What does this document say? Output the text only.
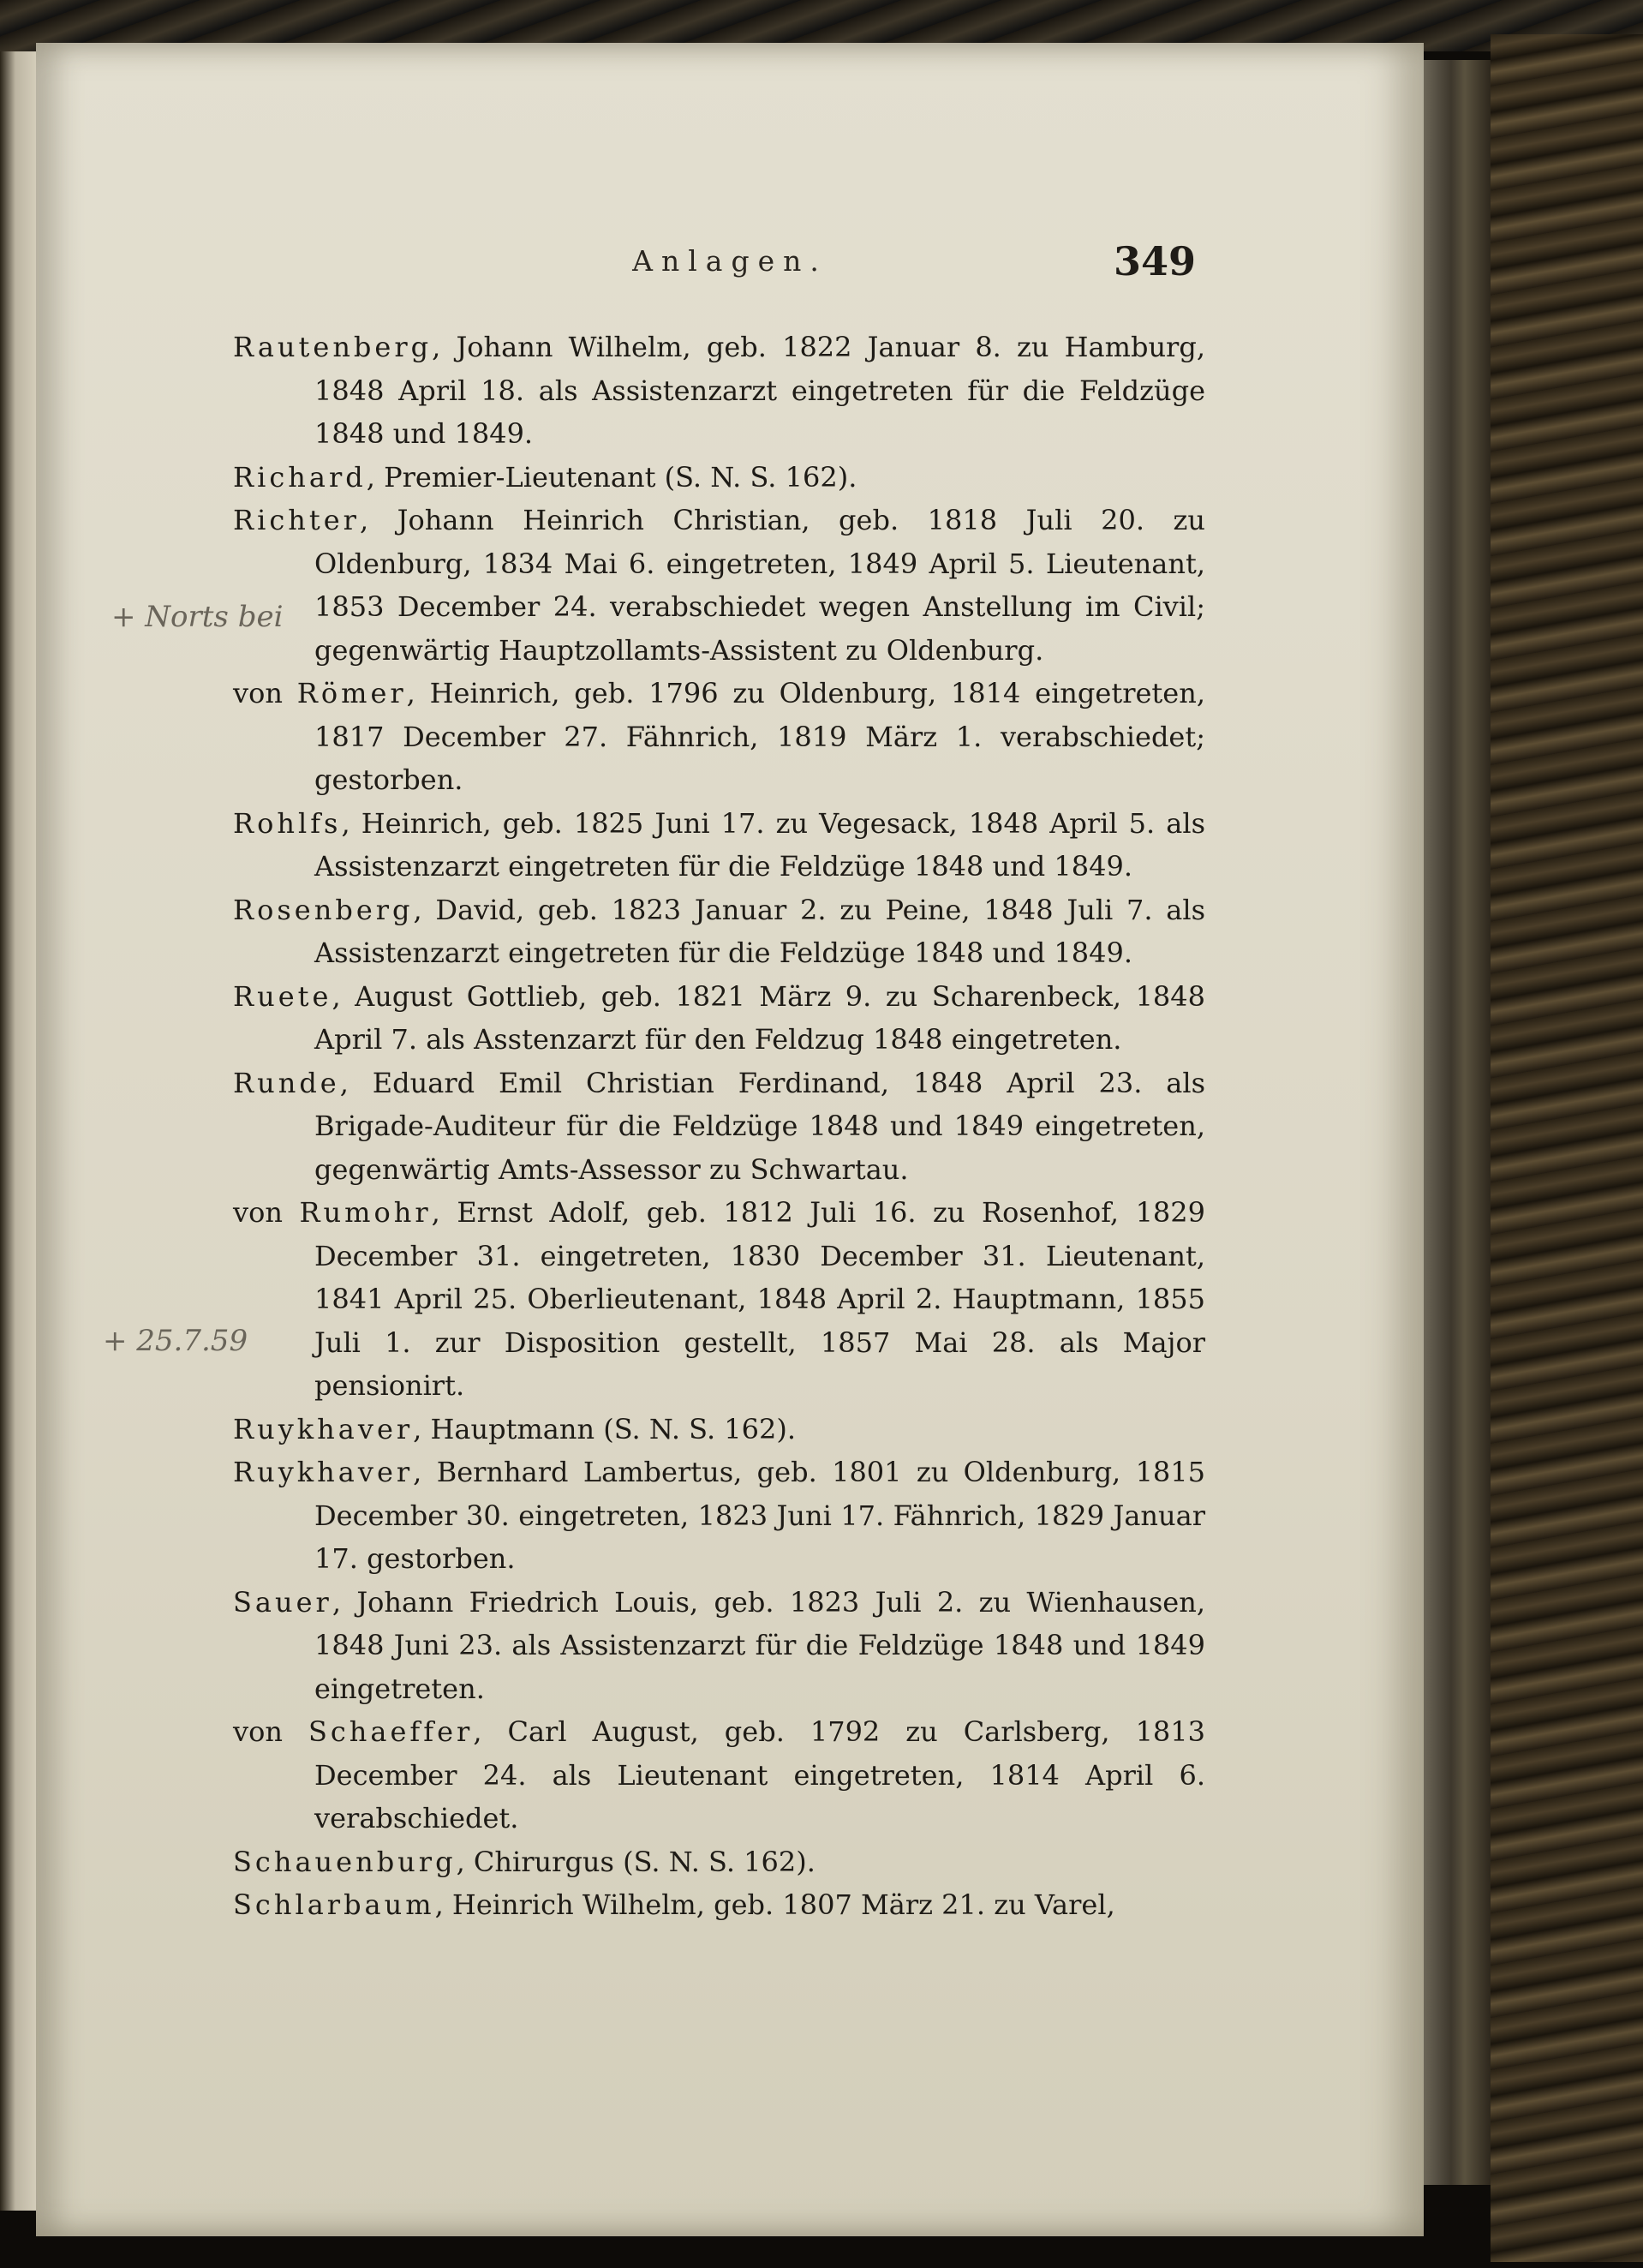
Anlagen.	349
+ Norts bei
+ 25.7.59

Rautenberg, Johann Wilhelm, geb. 1822 Januar 8. zu Hamburg, 1848 April 18. als Assistenzarzt eingetreten für die Feldzüge 1848 und 1849.

Richard, Premier-Lieutenant (S. N. S. 162).

Richter, Johann Heinrich Christian, geb. 1818 Juli 20. zu Oldenburg, 1834 Mai 6. eingetreten, 1849 April 5. Lieutenant, 1853 December 24. verabschiedet wegen Anstellung im Civil; gegenwärtig Hauptzollamts-Assistent zu Oldenburg.

von Römer, Heinrich, geb. 1796 zu Oldenburg, 1814 eingetreten, 1817 December 27. Fähnrich, 1819 März 1. verabschiedet; gestorben.

Rohlfs, Heinrich, geb. 1825 Juni 17. zu Vegesack, 1848 April 5. als Assistenzarzt eingetreten für die Feldzüge 1848 und 1849.

Rosenberg, David, geb. 1823 Januar 2. zu Peine, 1848 Juli 7. als Assistenzarzt eingetreten für die Feldzüge 1848 und 1849.

Ruete, August Gottlieb, geb. 1821 März 9. zu Scharenbeck, 1848 April 7. als Asstenzarzt für den Feldzug 1848 eingetreten.

Runde, Eduard Emil Christian Ferdinand, 1848 April 23. als Brigade-Auditeur für die Feldzüge 1848 und 1849 eingetreten, gegenwärtig Amts-Assessor zu Schwartau.

von Rumohr, Ernst Adolf, geb. 1812 Juli 16. zu Rosenhof, 1829 December 31. eingetreten, 1830 December 31. Lieutenant, 1841 April 25. Oberlieutenant, 1848 April 2. Hauptmann, 1855 Juli 1. zur Disposition gestellt, 1857 Mai 28. als Major pensionirt.

Ruykhaver, Hauptmann (S. N. S. 162).

Ruykhaver, Bernhard Lambertus, geb. 1801 zu Oldenburg, 1815 December 30. eingetreten, 1823 Juni 17. Fähnrich, 1829 Januar 17. gestorben.

Sauer, Johann Friedrich Louis, geb. 1823 Juli 2. zu Wienhausen, 1848 Juni 23. als Assistenzarzt für die Feldzüge 1848 und 1849 eingetreten.

von Schaeffer, Carl August, geb. 1792 zu Carlsberg, 1813 December 24. als Lieutenant eingetreten, 1814 April 6. verabschiedet.

Schauenburg, Chirurgus (S. N. S. 162).

Schlarbaum, Heinrich Wilhelm, geb. 1807 März 21. zu Varel,
